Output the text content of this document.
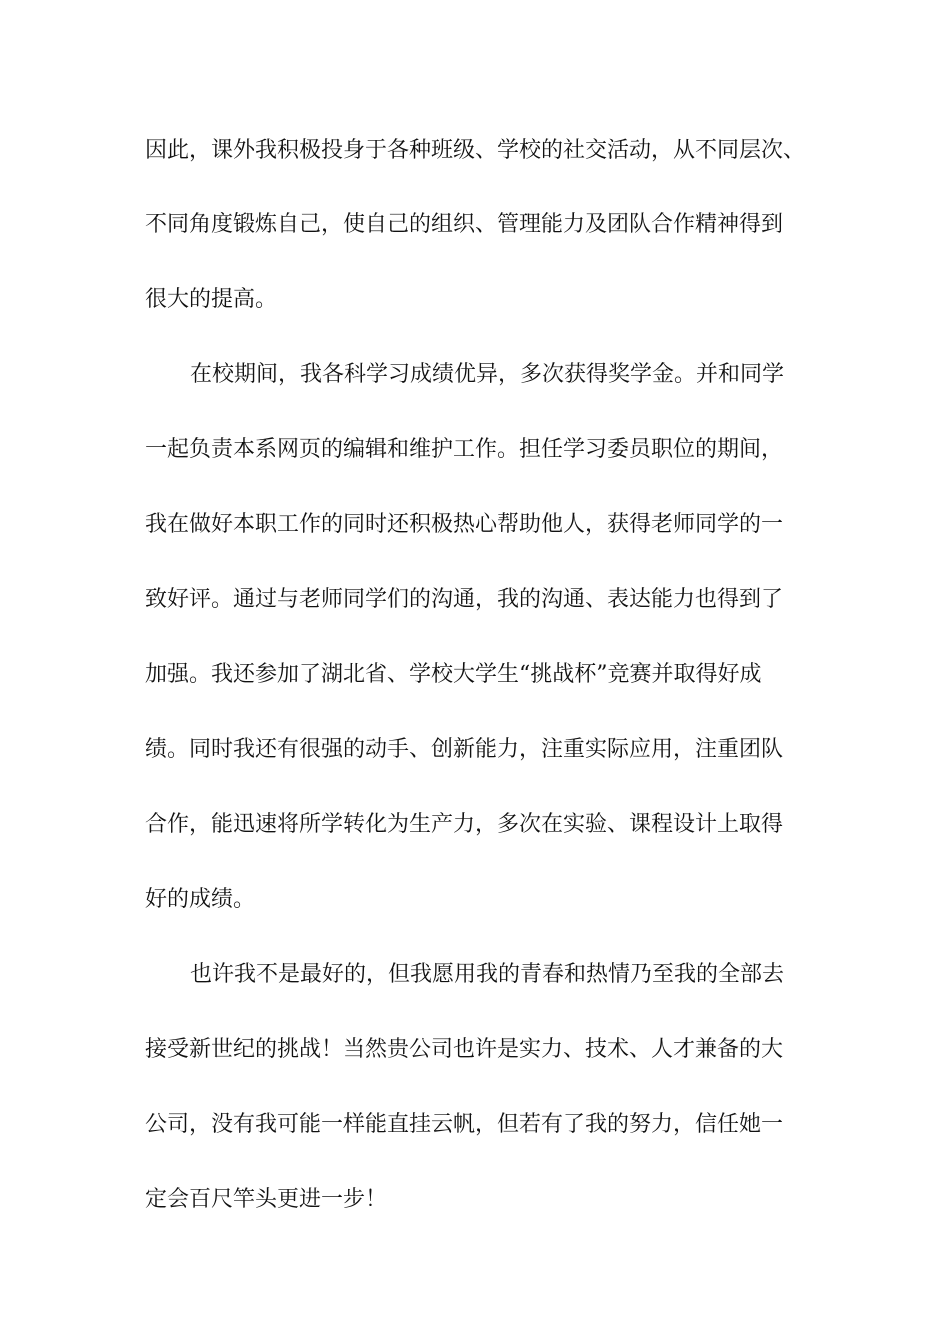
因此，课外我积极投身于各种班级、学校的社交活动，从不同层次、
不同角度锻炼自己，使自己的组织、管理能力及团队合作精神得到
很大的提高。
在校期间，我各科学习成绩优异，多次获得奖学金。并和同学
一起负责本系网页的编辑和维护工作。担任学习委员职位的期间，
我在做好本职工作的同时还积极热心帮助他人，获得老师同学的一
致好评。通过与老师同学们的沟通，我的沟通、表达能力也得到了
加强。我还参加了湖北省、学校大学生“挑战杯”竞赛并取得好成
绩。同时我还有很强的动手、创新能力，注重实际应用，注重团队
合作，能迅速将所学转化为生产力，多次在实验、课程设计上取得
好的成绩。
也许我不是最好的，但我愿用我的青春和热情乃至我的全部去
接受新世纪的挑战！当然贵公司也许是实力、技术、人才兼备的大
公司，没有我可能一样能直挂云帆，但若有了我的努力，信任她一
定会百尺竿头更进一步！
